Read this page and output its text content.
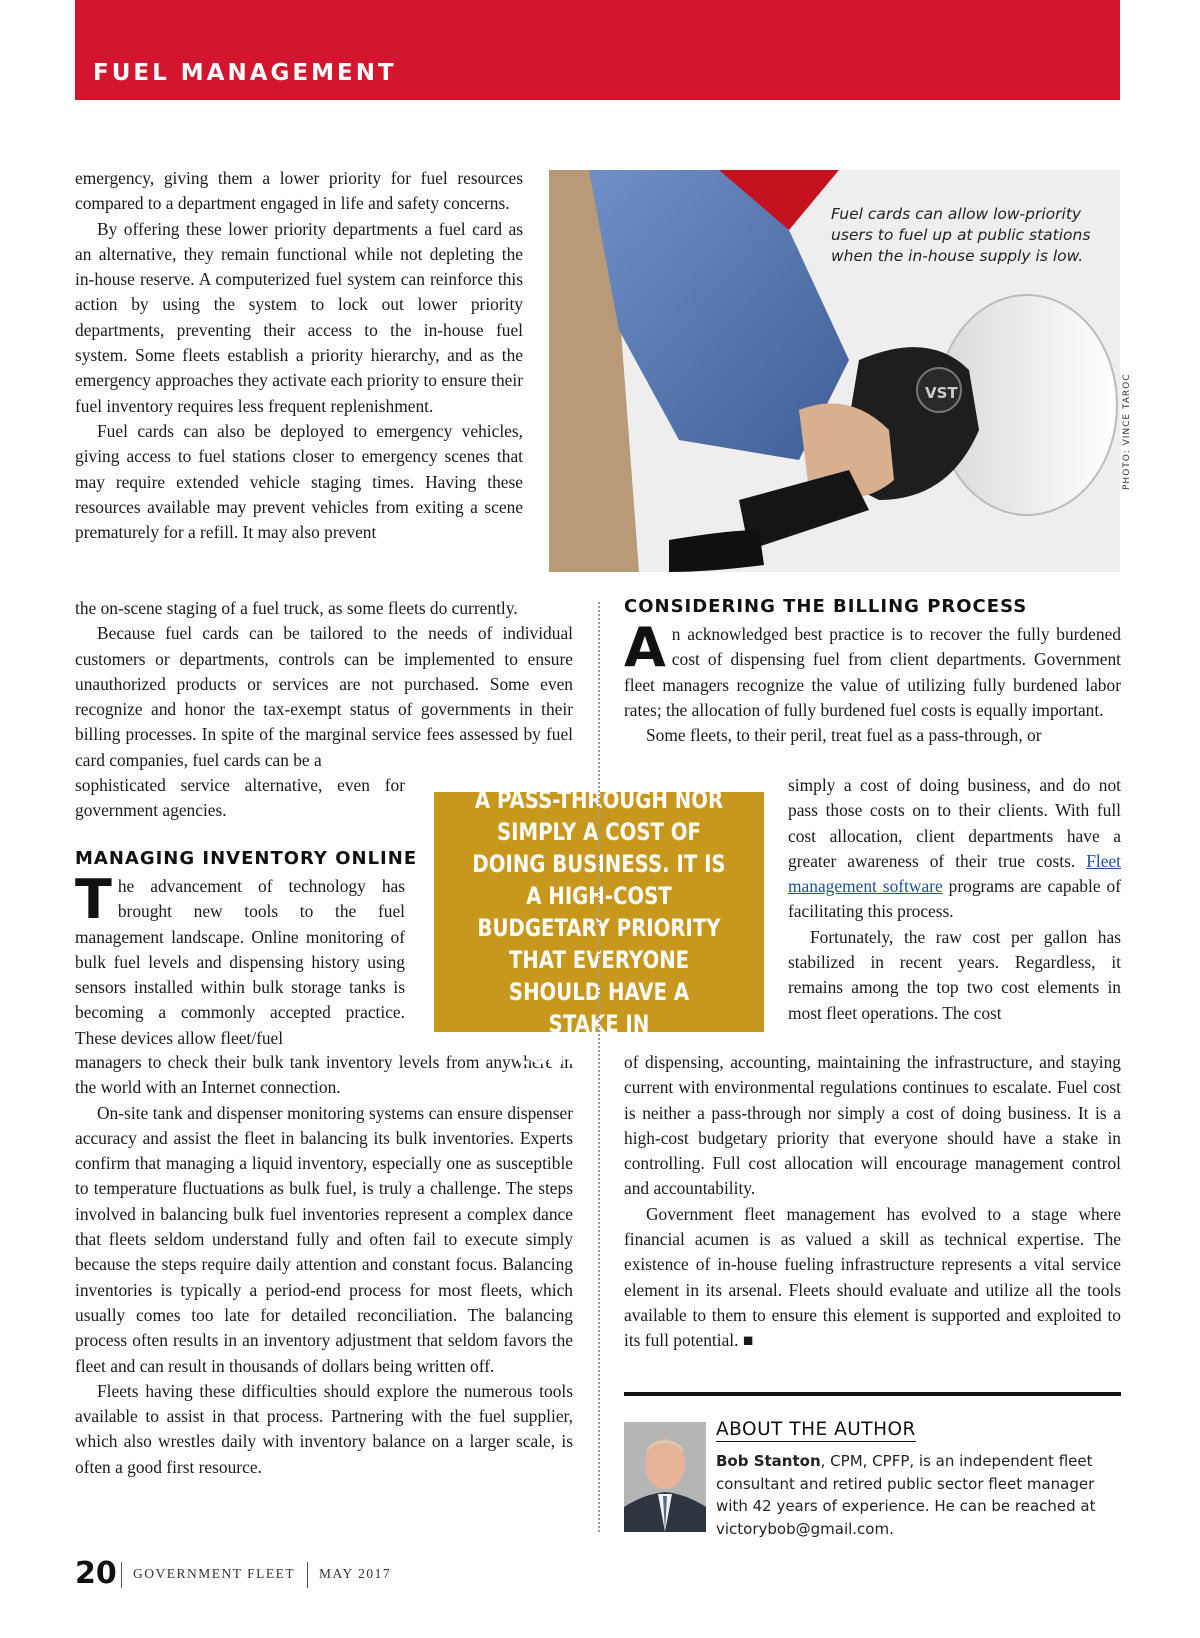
FUEL MANAGEMENT

emergency, giving them a lower priority for fuel resources compared to a department engaged in life and safety concerns.

By offering these lower priority departments a fuel card as an alternative, they remain functional while not depleting the in-house reserve. A computerized fuel system can reinforce this action by using the system to lock out lower priority departments, preventing their access to the in-house fuel system. Some fleets establish a priority hierarchy, and as the emergency approaches they activate each priority to ensure their fuel inventory requires less frequent replenishment.

Fuel cards can also be deployed to emergency vehicles, giving access to fuel stations closer to emergency scenes that may require extended vehicle staging times. Having these resources available may prevent vehicles from exiting a scene prematurely for a refill. It may also prevent

the on-scene staging of a fuel truck, as some fleets do currently.

Because fuel cards can be tailored to the needs of individual customers or departments, controls can be implemented to ensure unauthorized products or services are not purchased. Some even recognize and honor the tax-exempt status of governments in their billing processes. In spite of the marginal service fees assessed by fuel card companies, fuel cards can be a

sophisticated service alternative, even for government agencies.

MANAGING INVENTORY ONLINE

T he advancement of technology has brought new tools to the fuel management landscape. Online monitoring of bulk fuel levels and dispensing history using sensors installed within bulk storage tanks is becoming a commonly accepted practice. These devices allow fleet/fuel

managers to check their bulk tank inventory levels from anywhere in the world with an Internet connection.

On-site tank and dispenser monitoring systems can ensure dispenser accuracy and assist the fleet in balancing its bulk inventories. Experts confirm that managing a liquid inventory, especially one as susceptible to temperature fluctuations as bulk fuel, is truly a challenge. The steps involved in balancing bulk fuel inventories represent a complex dance that fleets seldom understand fully and often fail to execute simply because the steps require daily attention and constant focus. Balancing inventories is typically a period-end process for most fleets, which usually comes too late for detailed reconciliation. The balancing process often results in an inventory adjustment that seldom favors the fleet and can result in thousands of dollars being written off.

Fleets having these difficulties should explore the numerous tools available to assist in that process. Partnering with the fuel supplier, which also wrestles daily with inventory balance on a larger scale, is often a good first resource.

VST
Fuel cards can allow low-priority users to fuel up at public stations when the in-house supply is low.
PHOTO: VINCE TAROC
FUEL COST IS NEITHER A PASS-THROUGH NOR SIMPLY A COST OF DOING BUSINESS. IT IS A HIGH-COST BUDGETARY PRIORITY THAT EVERYONE SHOULD HAVE A STAKE IN CONTROLLING.
CONSIDERING THE BILLING PROCESS

A n acknowledged best practice is to recover the fully burdened cost of dispensing fuel from client departments. Government fleet managers recognize the value of utilizing fully burdened labor rates; the allocation of fully burdened fuel costs is equally important.

Some fleets, to their peril, treat fuel as a pass-through, or

simply a cost of doing business, and do not pass those costs on to their clients. With full cost allocation, client departments have a greater awareness of their true costs. Fleet management software programs are capable of facilitating this process.

Fortunately, the raw cost per gallon has stabilized in recent years. Regardless, it remains among the top two cost elements in most fleet operations. The cost

of dispensing, accounting, maintaining the infrastructure, and staying current with environmental regulations continues to escalate. Fuel cost is neither a pass-through nor simply a cost of doing business. It is a high-cost budgetary priority that everyone should have a stake in controlling. Full cost allocation will encourage management control and accountability.

Government fleet management has evolved to a stage where financial acumen is as valued a skill as technical expertise. The existence of in-house fueling infrastructure represents a vital service element in its arsenal. Fleets should evaluate and utilize all the tools available to them to ensure this element is supported and exploited to its full potential. ■

ABOUT THE AUTHOR
Bob Stanton, CPM, CPFP, is an independent fleet consultant and retired public sector fleet manager with 42 years of experience. He can be reached at victorybob@gmail.com.
20 GOVERNMENT FLEET MAY 2017
